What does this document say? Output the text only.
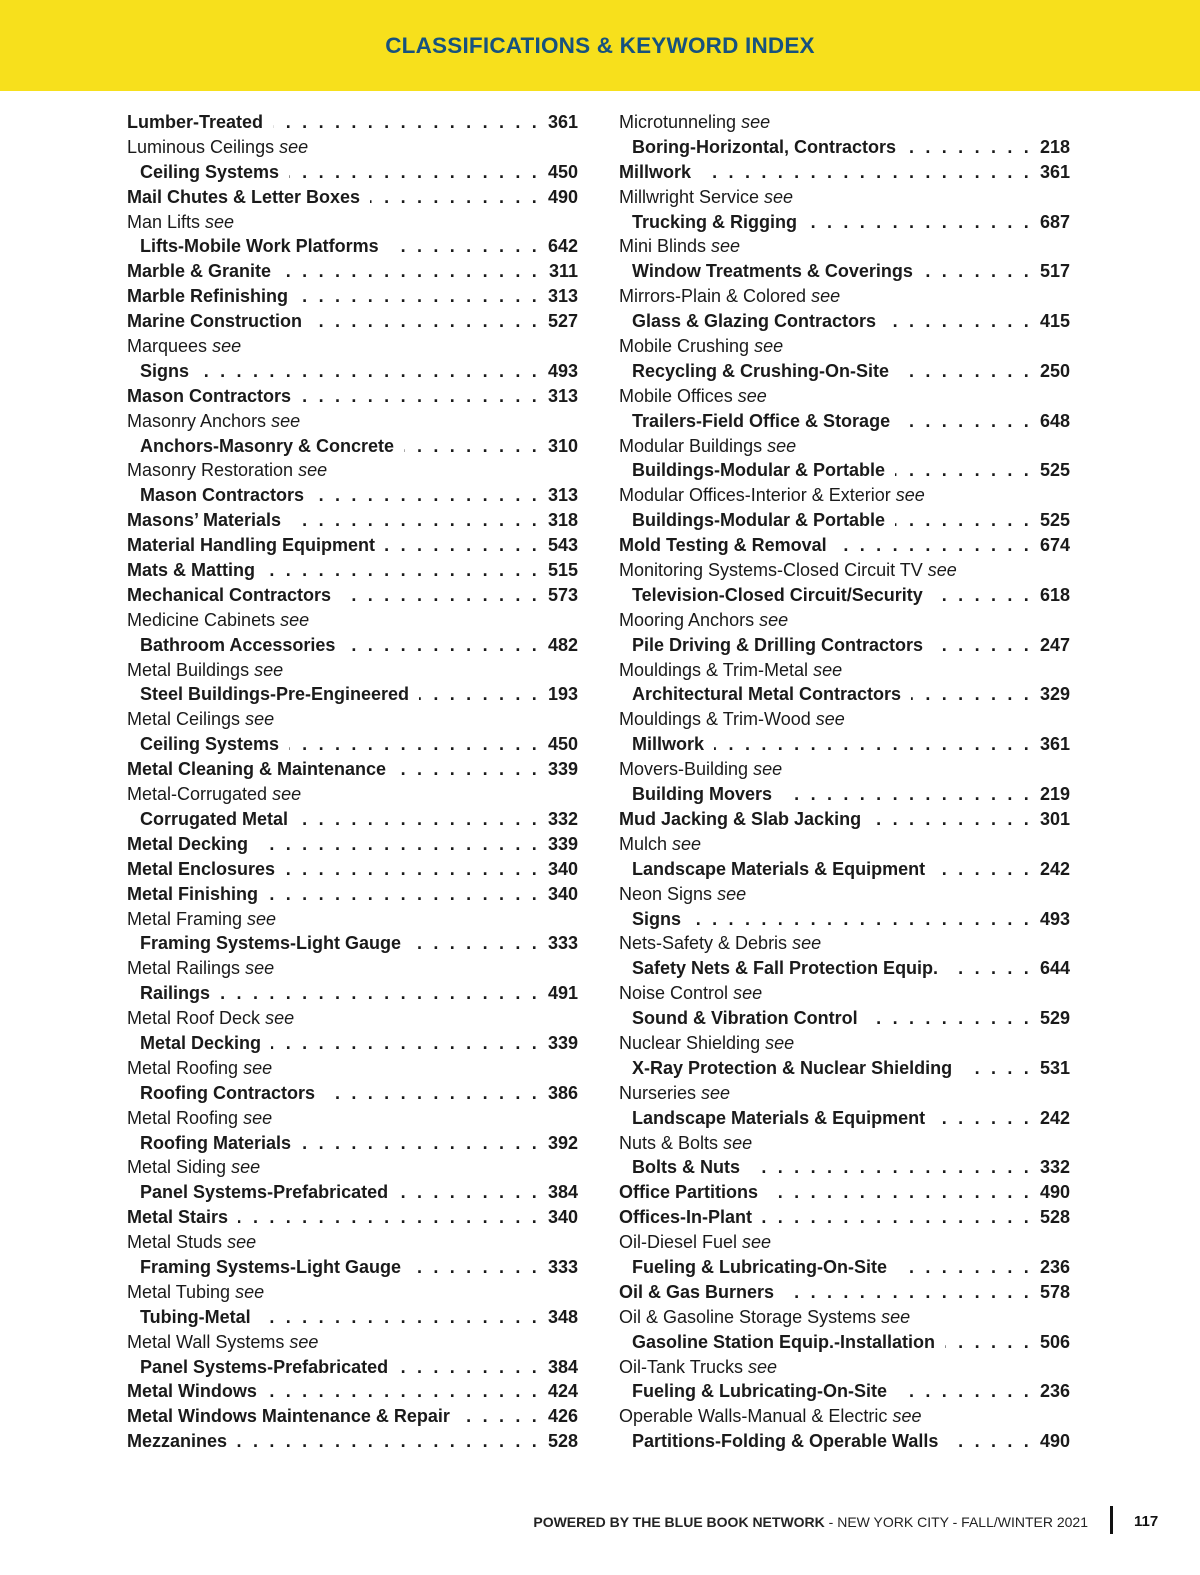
CLASSIFICATIONS & KEYWORD INDEX
Lumber-Treated . . .	361
Luminous Ceilings see
Ceiling Systems . . .	450
Mail Chutes & Letter Boxes . . .	490
Man Lifts see
Lifts-Mobile Work Platforms . . .	642
Marble & Granite . . .	311
Marble Refinishing . . .	313
Marine Construction . . .	527
Marquees see
Signs . . .	493
Mason Contractors . . .	313
Masonry Anchors see
Anchors-Masonry & Concrete . . .	310
Masonry Restoration see
Mason Contractors . . .	313
Masons’ Materials . . .	318
Material Handling Equipment . . .	543
Mats & Matting . . .	515
Mechanical Contractors . . .	573
Medicine Cabinets see
Bathroom Accessories . . .	482
Metal Buildings see
Steel Buildings-Pre-Engineered . . .	193
Metal Ceilings see
Ceiling Systems . . .	450
Metal Cleaning & Maintenance . . .	339
Metal-Corrugated see
Corrugated Metal . . .	332
Metal Decking . . .	339
Metal Enclosures . . .	340
Metal Finishing . . .	340
Metal Framing see
Framing Systems-Light Gauge . . .	333
Metal Railings see
Railings . . .	491
Metal Roof Deck see
Metal Decking . . .	339
Metal Roofing see
Roofing Contractors . . .	386
Metal Roofing see
Roofing Materials . . .	392
Metal Siding see
Panel Systems-Prefabricated . . .	384
Metal Stairs . . .	340
Metal Studs see
Framing Systems-Light Gauge . . .	333
Metal Tubing see
Tubing-Metal . . .	348
Metal Wall Systems see
Panel Systems-Prefabricated . . .	384
Metal Windows . . .	424
Metal Windows Maintenance & Repair . . .	426
Mezzanines . . .	528
Microtunneling see
Boring-Horizontal, Contractors . . .	218
Millwork . . .	361
Millwright Service see
Trucking & Rigging . . .	687
Mini Blinds see
Window Treatments & Coverings . . .	517
Mirrors-Plain & Colored see
Glass & Glazing Contractors . . .	415
Mobile Crushing see
Recycling & Crushing-On-Site . . .	250
Mobile Offices see
Trailers-Field Office & Storage . . .	648
Modular Buildings see
Buildings-Modular & Portable . . .	525
Modular Offices-Interior & Exterior see
Buildings-Modular & Portable . . .	525
Mold Testing & Removal . . .	674
Monitoring Systems-Closed Circuit TV see
Television-Closed Circuit/Security . . .	618
Mooring Anchors see
Pile Driving & Drilling Contractors . . .	247
Mouldings & Trim-Metal see
Architectural Metal Contractors . . .	329
Mouldings & Trim-Wood see
Millwork . . .	361
Movers-Building see
Building Movers . . .	219
Mud Jacking & Slab Jacking . . .	301
Mulch see
Landscape Materials & Equipment . . .	242
Neon Signs see
Signs . . .	493
Nets-Safety & Debris see
Safety Nets & Fall Protection Equip. . . .	644
Noise Control see
Sound & Vibration Control . . .	529
Nuclear Shielding see
X-Ray Protection & Nuclear Shielding . . .	531
Nurseries see
Landscape Materials & Equipment . . .	242
Nuts & Bolts see
Bolts & Nuts . . .	332
Office Partitions . . .	490
Offices-In-Plant . . .	528
Oil-Diesel Fuel see
Fueling & Lubricating-On-Site . . .	236
Oil & Gas Burners . . .	578
Oil & Gasoline Storage Systems see
Gasoline Station Equip.-Installation . . .	506
Oil-Tank Trucks see
Fueling & Lubricating-On-Site . . .	236
Operable Walls-Manual & Electric see
Partitions-Folding & Operable Walls . . .	490
POWERED BY THE BLUE BOOK NETWORK - NEW YORK CITY - FALL/WINTER 2021	117
